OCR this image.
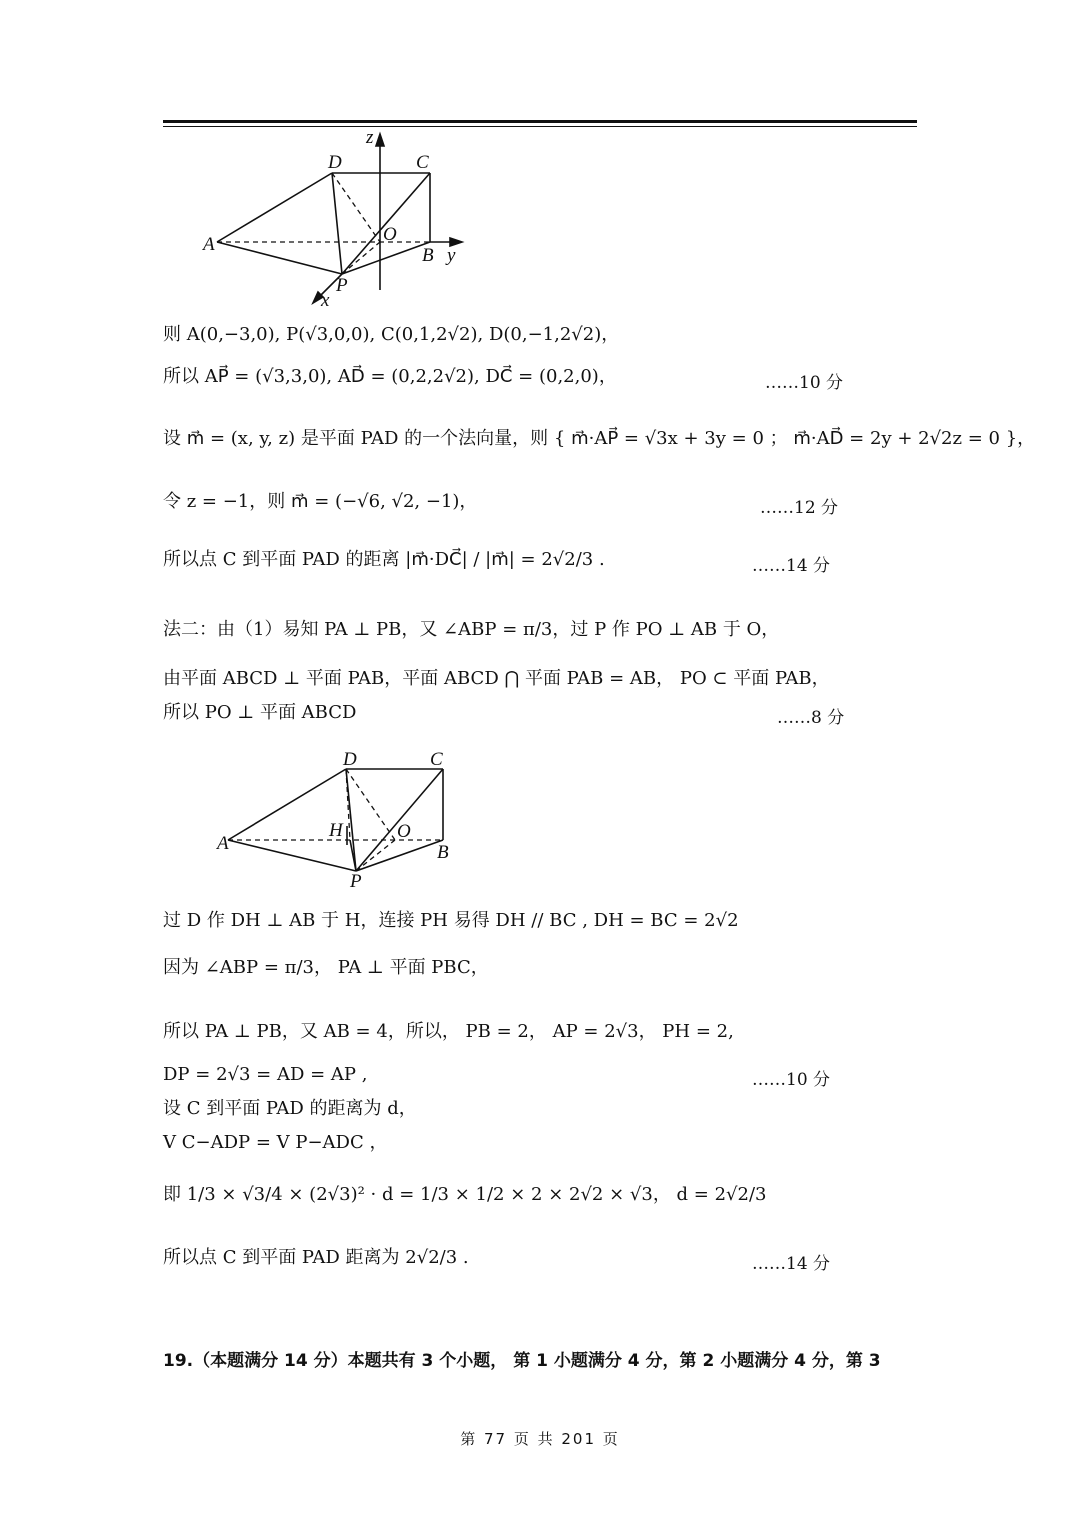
z
D	C
A	O
B y
P
x
则 A(0,−3,0), P(√3,0,0), C(0,1,2√2), D(0,−1,2√2)，
所以 AP⃗ = (√3,3,0), AD⃗ = (0,2,2√2), DC⃗ = (0,2,0)，	……10 分
设 m⃗ = (x, y, z) 是平面 PAD 的一个法向量，则 { m⃗·AP⃗ = √3x + 3y = 0 ； m⃗·AD⃗ = 2y + 2√2z = 0 }，
令 z = −1，则 m⃗ = (−√6, √2, −1)，	……12 分
所以点 C 到平面 PAD 的距离 |m⃗·DC⃗| / |m⃗| = 2√2/3 .	……14 分
法二：由（1）易知 PA ⊥ PB，又 ∠ABP = π/3，过 P 作 PO ⊥ AB 于 O，
由平面 ABCD ⊥ 平面 PAB，平面 ABCD ⋂ 平面 PAB = AB， PO ⊂ 平面 PAB，
所以 PO ⊥ 平面 ABCD	……8 分
D	C
A
H	O
B
P
过 D 作 DH ⊥ AB 于 H，连接 PH 易得 DH // BC , DH = BC = 2√2
因为 ∠ABP = π/3， PA ⊥ 平面 PBC，
所以 PA ⊥ PB，又 AB = 4，所以， PB = 2， AP = 2√3， PH = 2,
DP = 2√3 = AD = AP ,	……10 分
设 C 到平面 PAD 的距离为 d，
V C−ADP = V P−ADC ，
即 1/3 × √3/4 × (2√3)² · d = 1/3 × 1/2 × 2 × 2√2 × √3， d = 2√2/3
所以点 C 到平面 PAD 距离为 2√2/3 .	……14 分
19.（本题满分 14 分）本题共有 3 个小题， 第 1 小题满分 4 分，第 2 小题满分 4 分，第 3
第 77 页 共 201 页
